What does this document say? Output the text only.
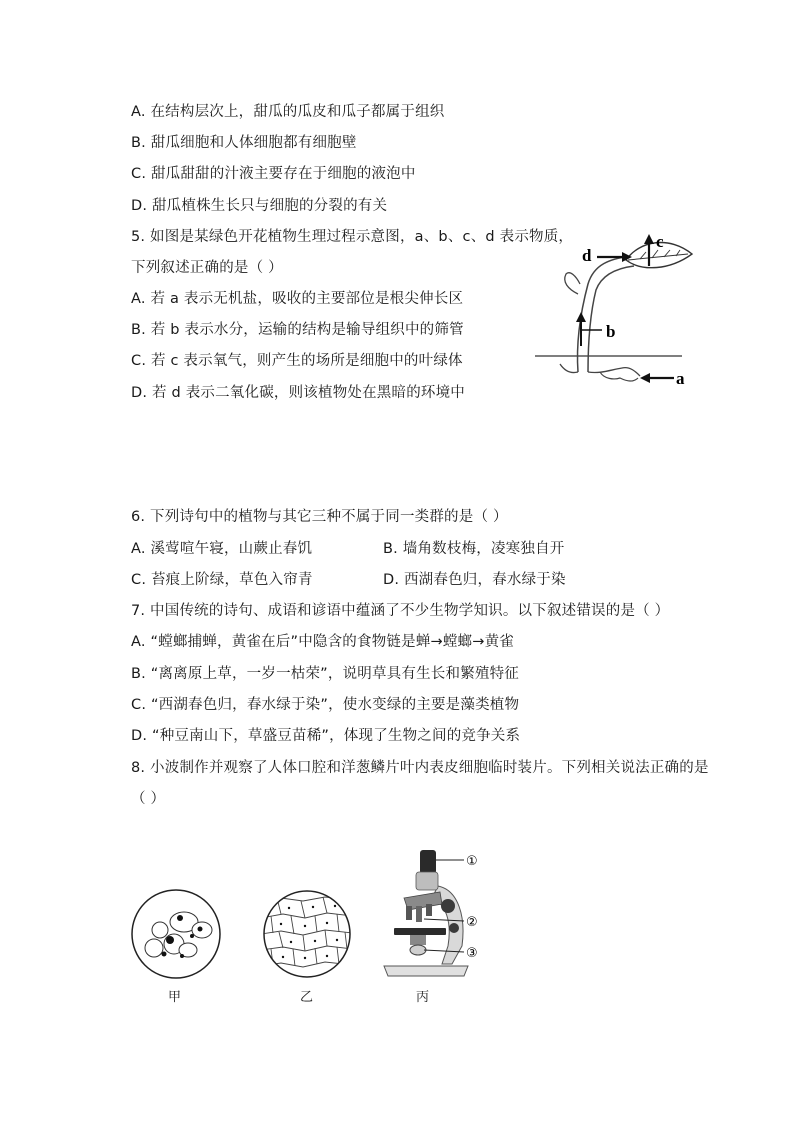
A. 在结构层次上，甜瓜的瓜皮和瓜子都属于组织
B. 甜瓜细胞和人体细胞都有细胞壁
C. 甜瓜甜甜的汁液主要存在于细胞的液泡中
D. 甜瓜植株生长只与细胞的分裂的有关
5. 如图是某绿色开花植物生理过程示意图，a、b、c、d 表示物质，
下列叙述正确的是（ ）
A. 若 a 表示无机盐，吸收的主要部位是根尖伸长区
B. 若 b 表示水分，运输的结构是输导组织中的筛管
C. 若 c 表示氧气，则产生的场所是细胞中的叶绿体
D. 若 d 表示二氧化碳，则该植物处在黑暗的环境中
d
c
b
a
6. 下列诗句中的植物与其它三种不属于同一类群的是（ ）
A. 溪莺喧午寝，山蕨止春饥	B. 墙角数枝梅，凌寒独自开
C. 苔痕上阶绿，草色入帘青	D. 西湖春色归，春水绿于染
7. 中国传统的诗句、成语和谚语中蕴涵了不少生物学知识。以下叙述错误的是（ ）
A. “螳螂捕蝉，黄雀在后”中隐含的食物链是蝉→螳螂→黄雀
B. “离离原上草，一岁一枯荣”，说明草具有生长和繁殖特征
C. “西湖春色归，春水绿于染”，使水变绿的主要是藻类植物
D. “种豆南山下，草盛豆苗稀”，体现了生物之间的竞争关系
8. 小波制作并观察了人体口腔和洋葱鳞片叶内表皮细胞临时装片。下列相关说法正确的是
（ ）
甲	乙
①
②
③
丙
